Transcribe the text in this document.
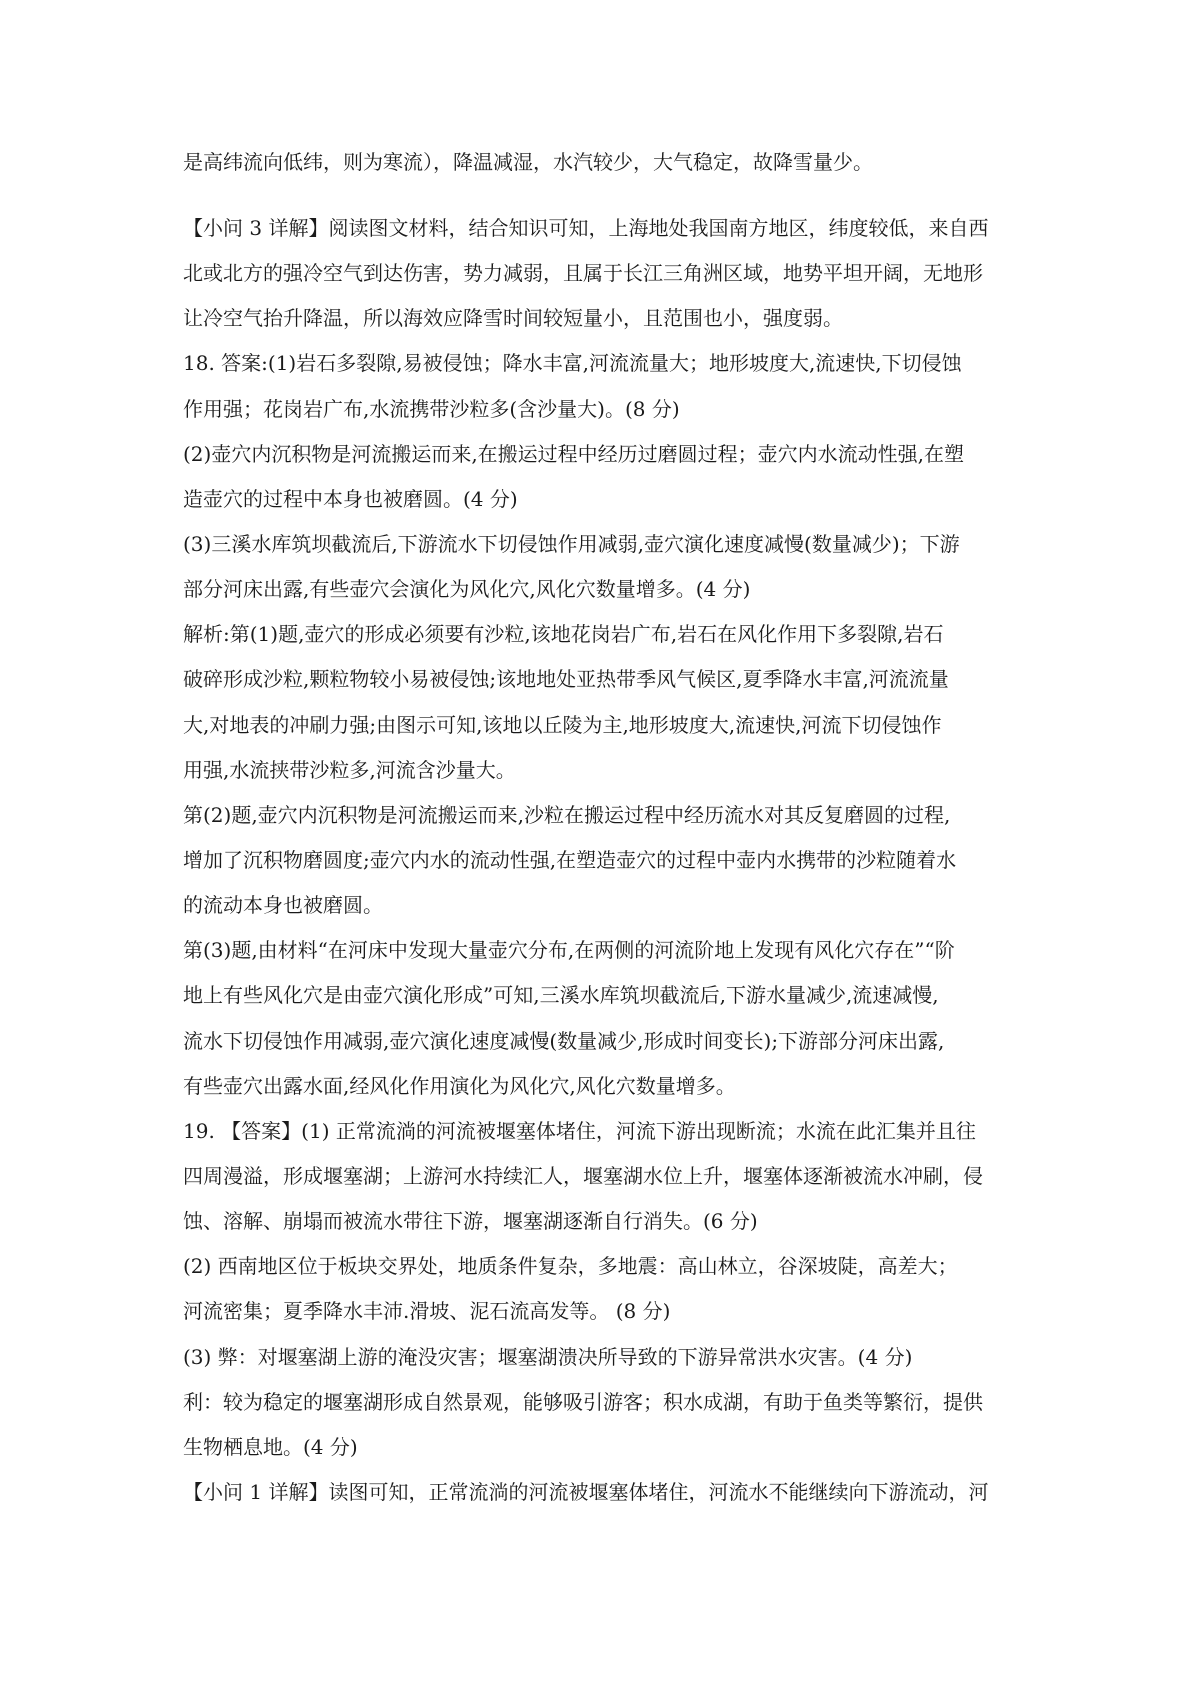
是高纬流向低纬，则为寒流），降温减湿，水汽较少，大气稳定，故降雪量少。
【小问 3 详解】阅读图文材料，结合知识可知，上海地处我国南方地区，纬度较低，来自西
北或北方的强冷空气到达伤害，势力减弱，且属于长江三角洲区域，地势平坦开阔，无地形
让冷空气抬升降温，所以海效应降雪时间较短量小，且范围也小，强度弱。
18. 答案:(1)岩石多裂隙,易被侵蚀；降水丰富,河流流量大；地形坡度大,流速快,下切侵蚀
作用强；花岗岩广布,水流携带沙粒多(含沙量大)。(8 分)
(2)壶穴内沉积物是河流搬运而来,在搬运过程中经历过磨圆过程；壶穴内水流动性强,在塑
造壶穴的过程中本身也被磨圆。(4 分)
(3)三溪水库筑坝截流后,下游流水下切侵蚀作用减弱,壶穴演化速度减慢(数量减少)；下游
部分河床出露,有些壶穴会演化为风化穴,风化穴数量增多。(4 分)
解析:第(1)题,壶穴的形成必须要有沙粒,该地花岗岩广布,岩石在风化作用下多裂隙,岩石
破碎形成沙粒,颗粒物较小易被侵蚀;该地地处亚热带季风气候区,夏季降水丰富,河流流量
大,对地表的冲刷力强;由图示可知,该地以丘陵为主,地形坡度大,流速快,河流下切侵蚀作
用强,水流挟带沙粒多,河流含沙量大。
第(2)题,壶穴内沉积物是河流搬运而来,沙粒在搬运过程中经历流水对其反复磨圆的过程,
增加了沉积物磨圆度;壶穴内水的流动性强,在塑造壶穴的过程中壶内水携带的沙粒随着水
的流动本身也被磨圆。
第(3)题,由材料“在河床中发现大量壶穴分布,在两侧的河流阶地上发现有风化穴存在”“阶
地上有些风化穴是由壶穴演化形成”可知,三溪水库筑坝截流后,下游水量减少,流速减慢,
流水下切侵蚀作用减弱,壶穴演化速度减慢(数量减少,形成时间变长);下游部分河床出露,
有些壶穴出露水面,经风化作用演化为风化穴,风化穴数量增多。
19. 【答案】(1) 正常流淌的河流被堰塞体堵住，河流下游出现断流；水流在此汇集并且往
四周漫溢，形成堰塞湖；上游河水持续汇人，堰塞湖水位上升，堰塞体逐渐被流水冲刷，侵
蚀、溶解、崩塌而被流水带往下游，堰塞湖逐渐自行消失。(6 分)
(2) 西南地区位于板块交界处，地质条件复杂，多地震：高山林立，谷深坡陡，高差大；
河流密集；夏季降水丰沛.滑坡、泥石流高发等。 (8 分)
(3) 弊：对堰塞湖上游的淹没灾害；堰塞湖溃决所导致的下游异常洪水灾害。(4 分)
利：较为稳定的堰塞湖形成自然景观，能够吸引游客；积水成湖，有助于鱼类等繁衍，提供
生物栖息地。(4 分)
【小问 1 详解】读图可知，正常流淌的河流被堰塞体堵住，河流水不能继续向下游流动，河
